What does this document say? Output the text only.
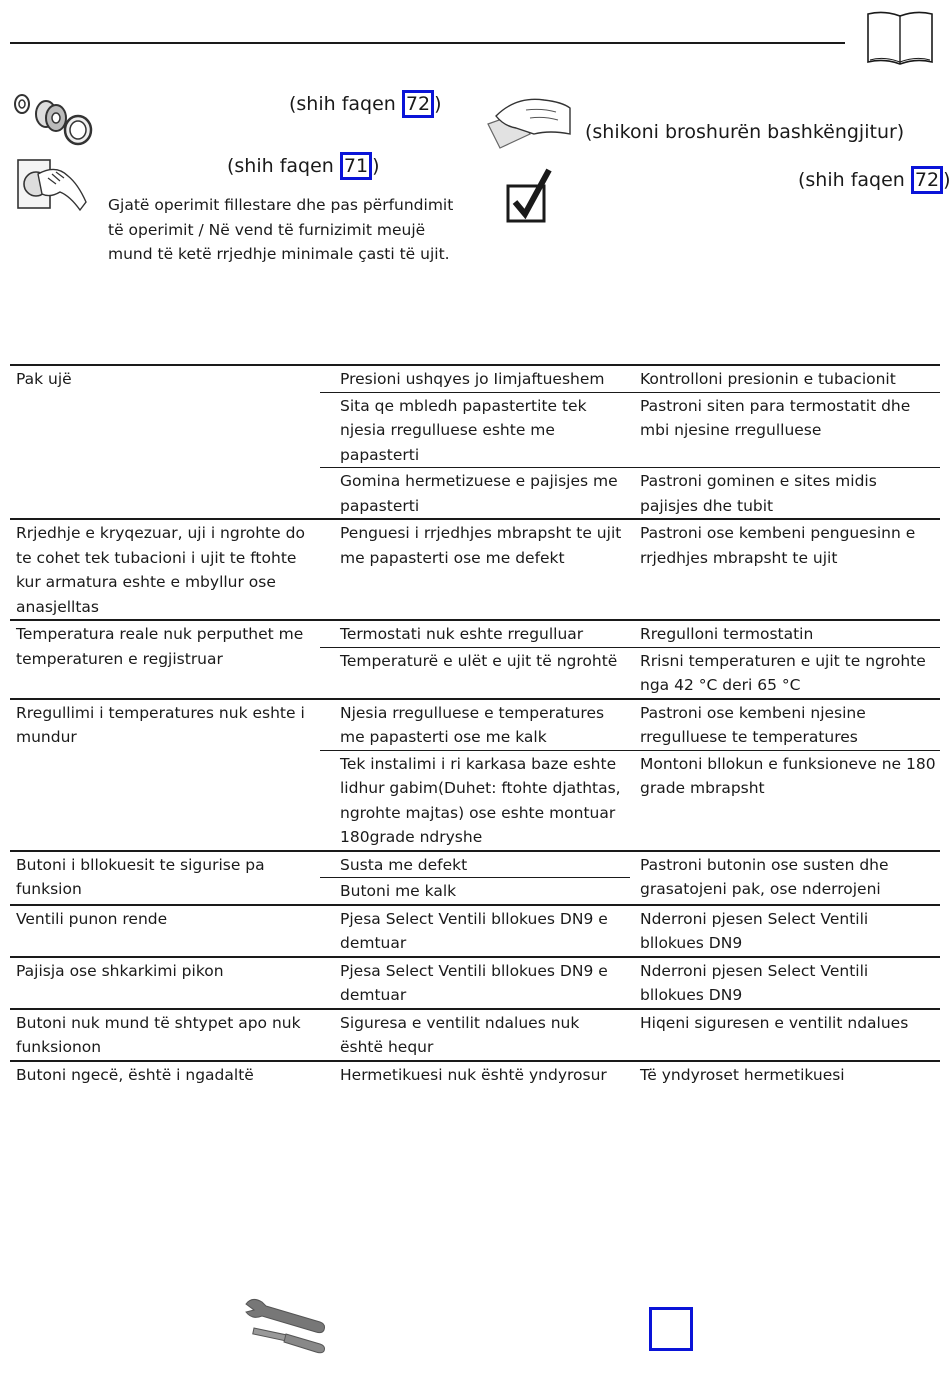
(shih faqen 72 )
(shih faqen 71 )
Gjatë operimit fillestare dhe pas përfundimit
të operimit / Në vend të furnizimit meujë
mund të ketë rrjedhje minimale çasti të ujit.
(shikoni broshurën bashkëngjitur)
(shih faqen 72 )
Pak ujë	Presioni ushqyes jo Iimjaftueshem	Kontrolloni presionin e tubacionit
	Sita qe mbledh papastertite tek njesia rregulluese eshte me papasterti	Pastroni siten para termostatit dhe mbi njesine rregulluese
	Gomina hermetizuese e pajisjes me papasterti	Pastroni gominen e sites midis pajisjes dhe tubit
Rrjedhje e kryqezuar, uji i ngrohte do te cohet tek tubacioni i ujit te ftohte kur armatura eshte e mbyllur ose anasjelltas	Penguesi i rrjedhjes mbrapsht te ujit me papasterti ose me defekt	Pastroni ose kembeni penguesinn e rrjedhjes mbrapsht te ujit
Temperatura reale nuk perputhet me temperaturen e regjistruar	Termostati nuk eshte rregulluar	Rregulloni termostatin
	Temperaturë e ulët e ujit të ngrohtë	Rrisni temperaturen e ujit te ngrohte nga 42 °C deri 65 °C
Rregullimi i temperatures nuk eshte i mundur	Njesia rregulluese e temperatures me papasterti ose me kalk	Pastroni ose kembeni njesine rregulluese te temperatures
	Tek instalimi i ri karkasa baze eshte lidhur gabim(Duhet: ftohte djathtas, ngrohte majtas) ose eshte montuar 180grade ndryshe	Montoni bllokun e funksioneve ne 180 grade mbrapsht
Butoni i bllokuesit te sigurise pa funksion	Susta me defekt	Pastroni butonin ose susten dhe grasatojeni pak, ose nderrojeni
	Butoni me kalk	
Ventili punon rende	Pjesa Select Ventili bllokues DN9 e demtuar	Nderroni pjesen Select Ventili bllokues DN9
Pajisja ose shkarkimi pikon	Pjesa Select Ventili bllokues DN9 e demtuar	Nderroni pjesen Select Ventili bllokues DN9
Butoni nuk mund të shtypet apo nuk funksionon	Siguresa e ventilit ndalues nuk është hequr	Hiqeni siguresen e ventilit ndalues
Butoni ngecë, është i ngadaltë	Hermetikuesi nuk është yndyrosur	Të yndyroset hermetikuesi
